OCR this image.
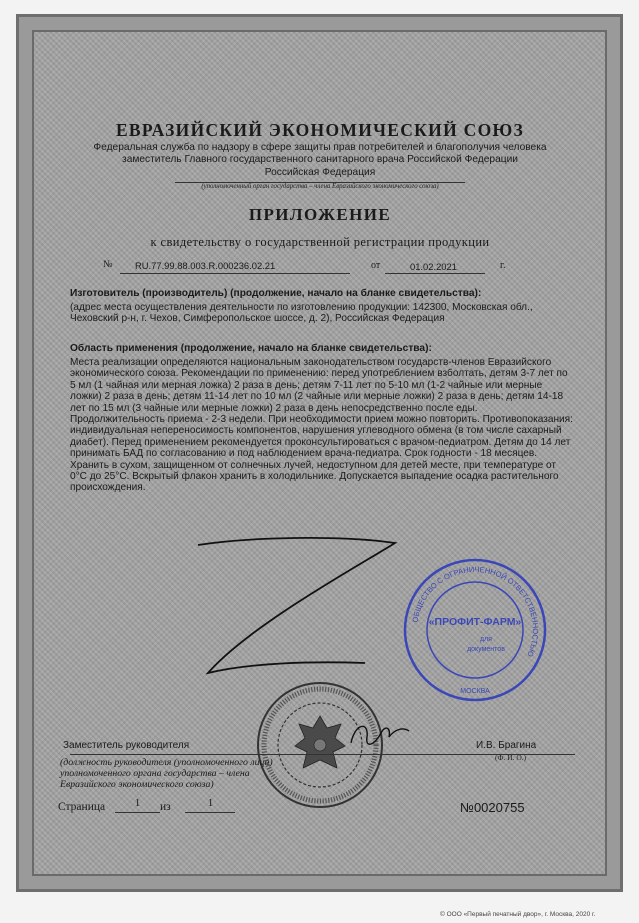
ЕВРАЗИЙСКИЙ ЭКОНОМИЧЕСКИЙ СОЮЗ
Федеральная служба по надзору в сфере защиты прав потребителей и благополучия человека
заместитель Главного государственного санитарного врача Российской Федерации
Российская Федерация
(уполномоченный орган государства – члена Евразийского экономического союза)
ПРИЛОЖЕНИЕ
к свидетельству о государственной регистрации продукции
№ RU.77.99.88.003.R.000236.02.21	от	01.02.2021	г.
Изготовитель (производитель) (продолжение, начало на бланке свидетельства):
(адрес места осуществления деятельности по изготовлению продукции: 142300, Московская обл., Чеховский р-н, г. Чехов, Симферопольское шоссе, д. 2), Российская Федерация
Область применения (продолжение, начало на бланке свидетельства):
Места реализации определяются национальным законодательством государств-членов Евразийского экономического союза. Рекомендации по применению: перед употреблением взболтать, детям 3-7 лет по 5 мл (1 чайная или мерная ложка) 2 раза в день; детям 7-11 лет по 5-10 мл (1-2 чайные или мерные ложки) 2 раза в день; детям 11-14 лет по 10 мл (2 чайные или мерные ложки) 2 раза в день; детям 14-18 лет по 15 мл (3 чайные или мерные ложки) 2 раза в день непосредственно после еды. Продолжительность приема - 2-3 недели. При необходимости прием можно повторить. Противопоказания: индивидуальная непереносимость компонентов, нарушения углеводного обмена (в том числе сахарный диабет). Перед применением рекомендуется проконсультироваться с врачом-педиатром. Детям до 14 лет принимать БАД по согласованию и под наблюдением врача-педиатра. Срок годности - 18 месяцев. Хранить в сухом, защищенном от солнечных лучей, недоступном для детей месте, при температуре от 0°С до 25°С. Вскрытый флакон хранить в холодильнике. Допускается выпадение осадка растительного происхождения.
ОБЩЕСТВО С ОГРАНИЧЕННОЙ ОТВЕТСТВЕННОСТЬЮ
«ПРОФИТ-ФАРМ»
для
документов
МОСКВА
Заместитель руководителя	И.В. Брагина
(Ф. И. О.)
(должность руководителя (уполномоченного лица) уполномоченного органа государства – члена Евразийского экономического союза)
Страница	1	из	1	№0020755
© ООО «Первый печатный двор», г. Москва, 2020 г.
